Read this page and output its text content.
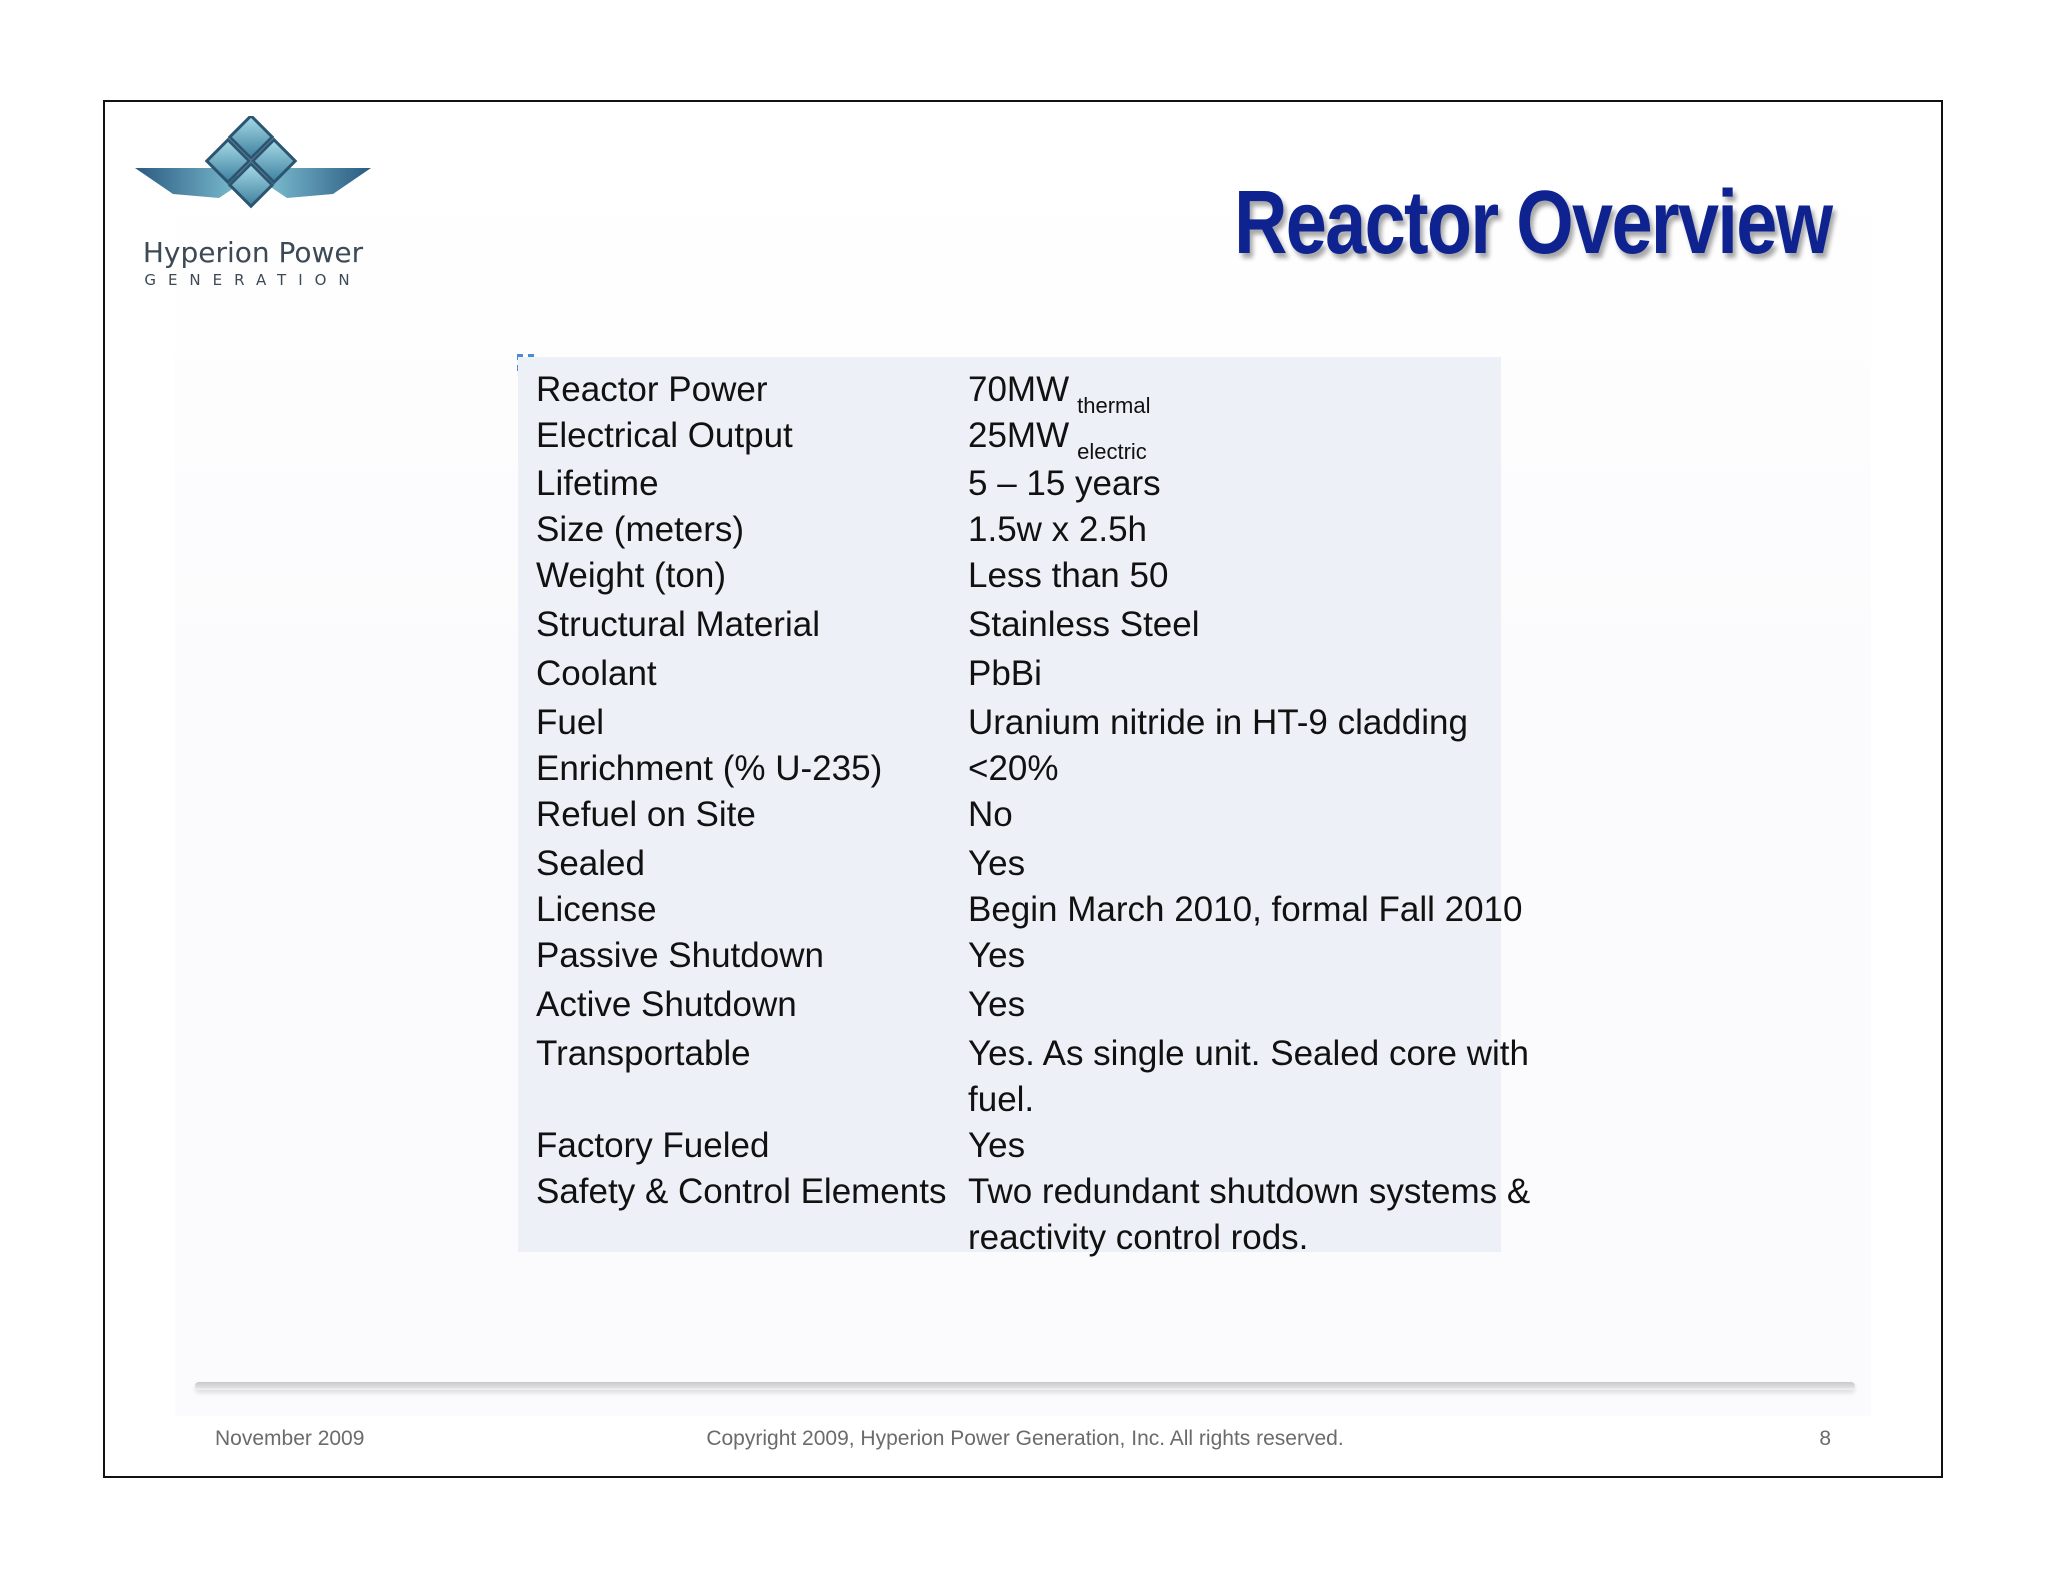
Hyperion Power
GENERATION
Reactor Overview
Reactor Power	70MW $_{thermal}$
Electrical Output	25MW $_{electric}$
Lifetime	5 – 15 years
Size (meters)	1.5w x 2.5h
Weight (ton)	Less than 50
Structural Material	Stainless Steel
Coolant	PbBi
Fuel	Uranium nitride in HT-9 cladding
Enrichment (% U-235) <20%
Refuel on Site	No
Sealed	Yes
License	Begin March 2010, formal Fall 2010
Passive Shutdown	Yes
Active Shutdown	Yes
Transportable	Yes. As single unit. Sealed core with
fuel.
Factory Fueled	Yes
Safety & Control Elements Two redundant shutdown systems &
reactivity control rods.
November 2009	Copyright 2009, Hyperion Power Generation, Inc. All rights reserved.	8
